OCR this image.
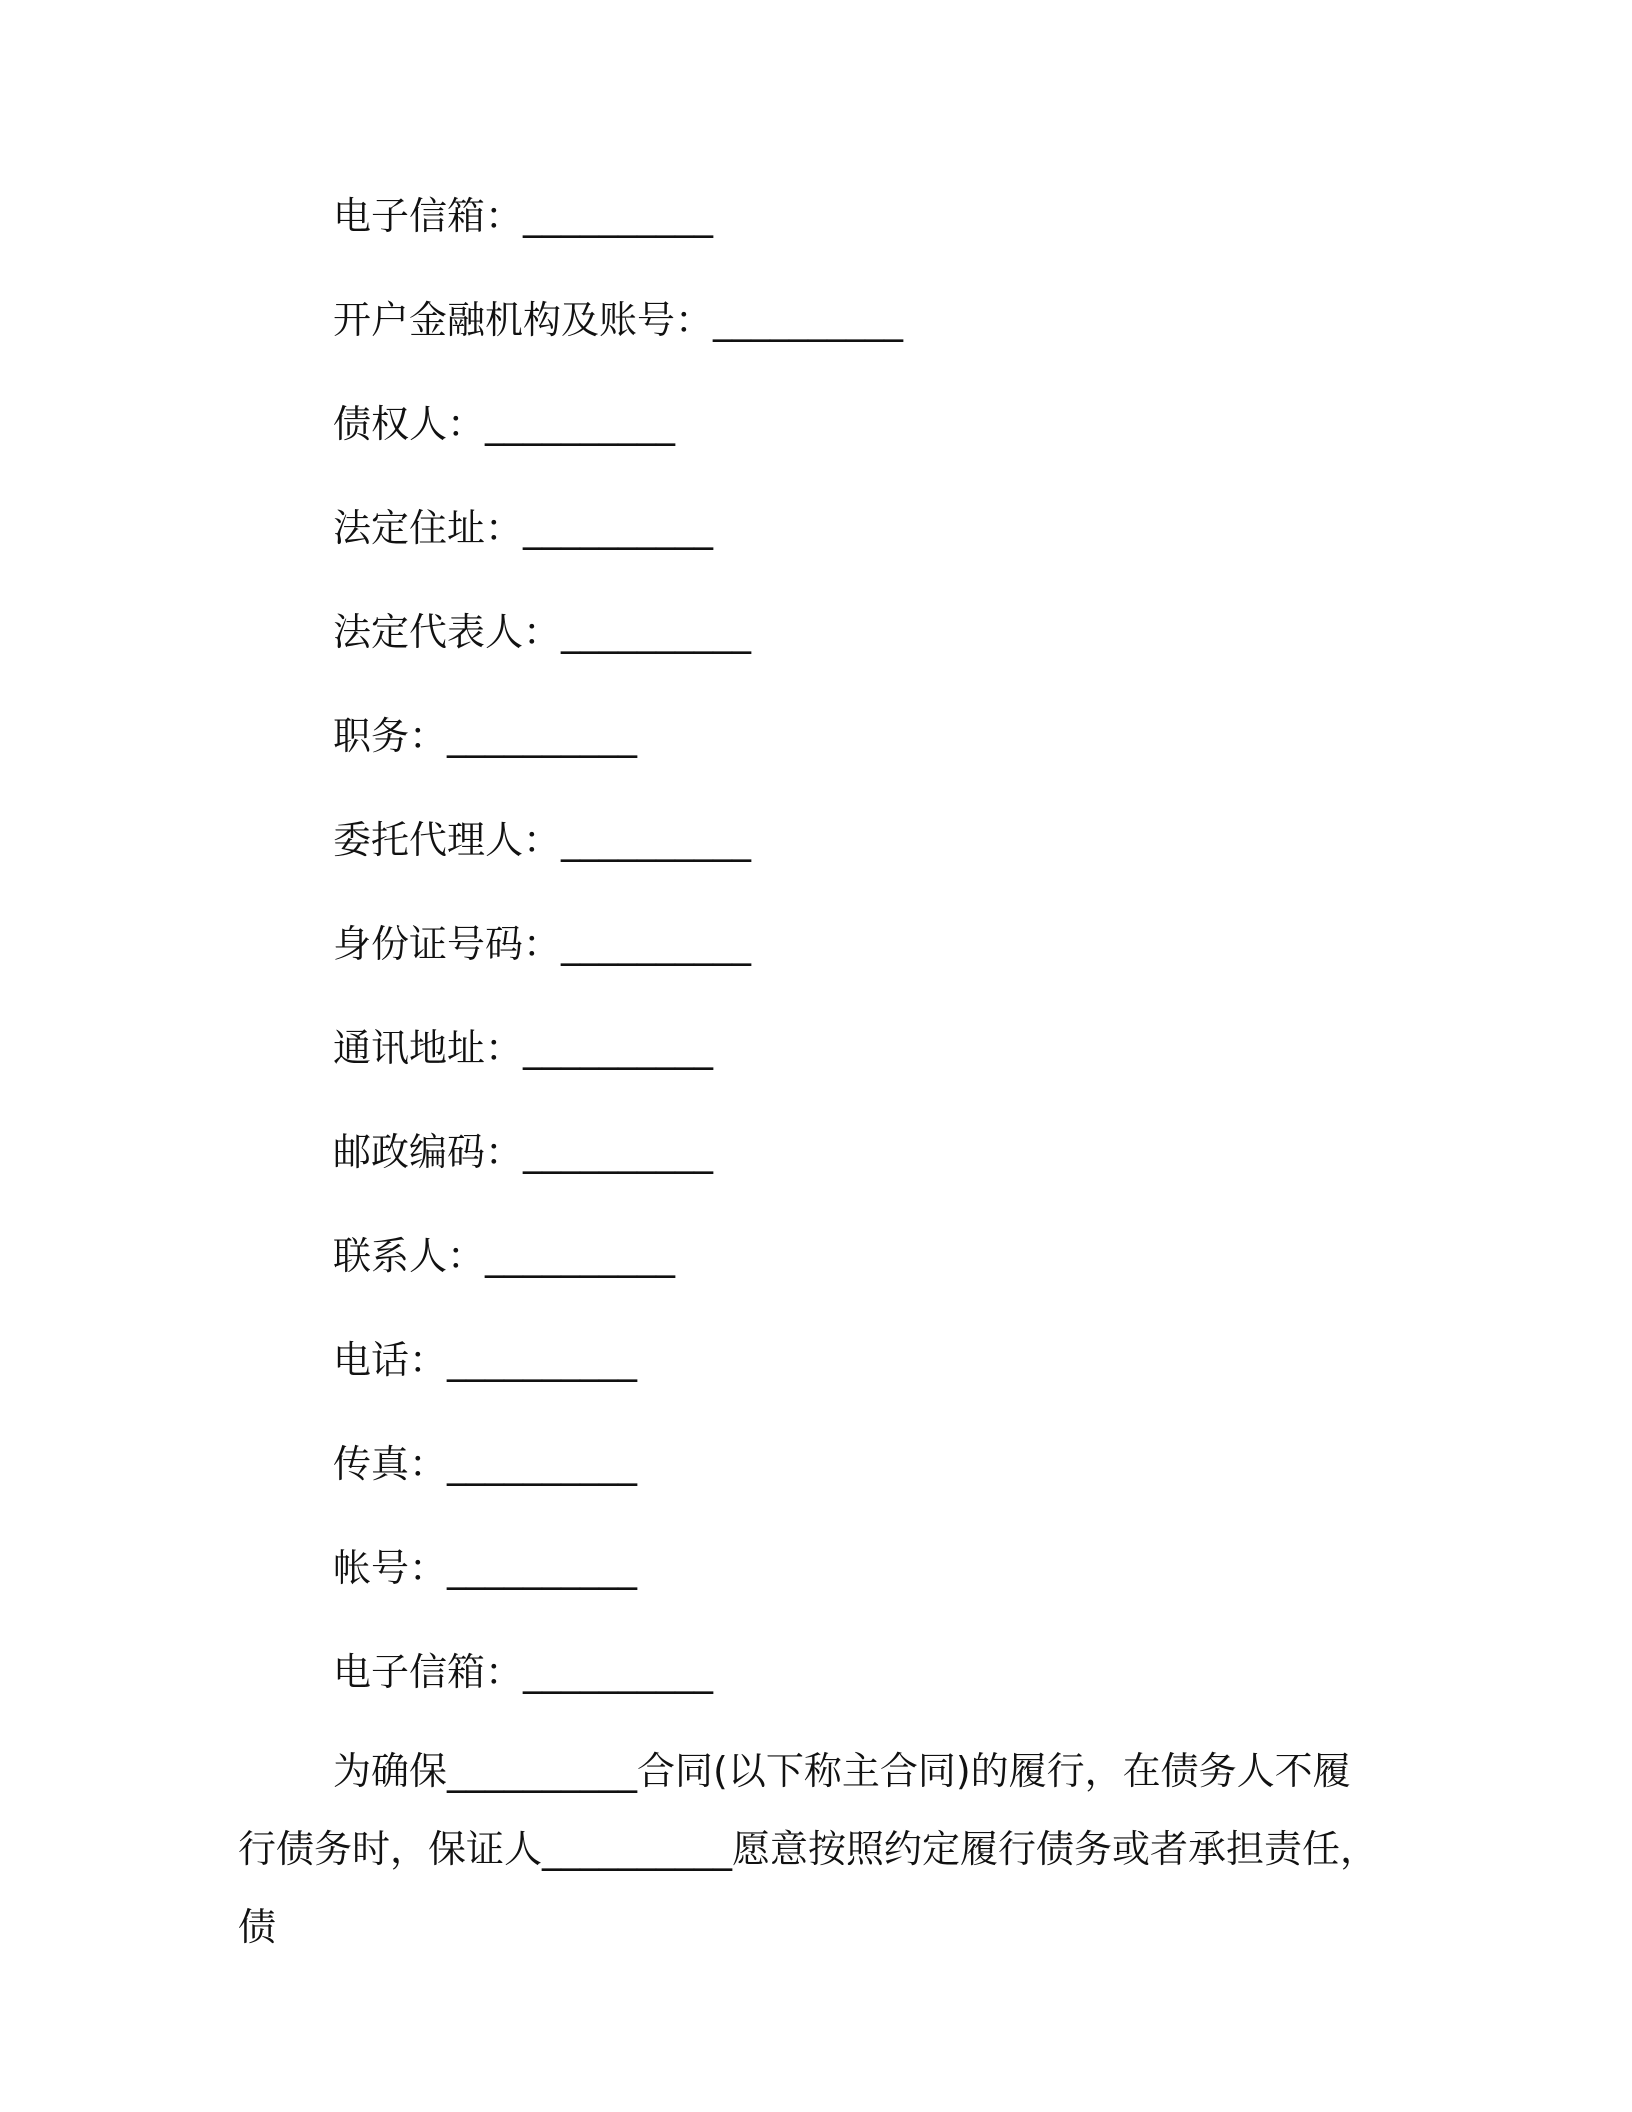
电子信箱：__________
开户金融机构及账号：__________
债权人：__________
法定住址：__________
法定代表人：__________
职务：__________
委托代理人：__________
身份证号码：__________
通讯地址：__________
邮政编码：__________
联系人：__________
电话：__________
传真：__________
帐号：__________
电子信箱：__________

为确保__________合同(以下称主合同)的履行，在债务人不履行债务时，保证人__________愿意按照约定履行债务或者承担责任，债
